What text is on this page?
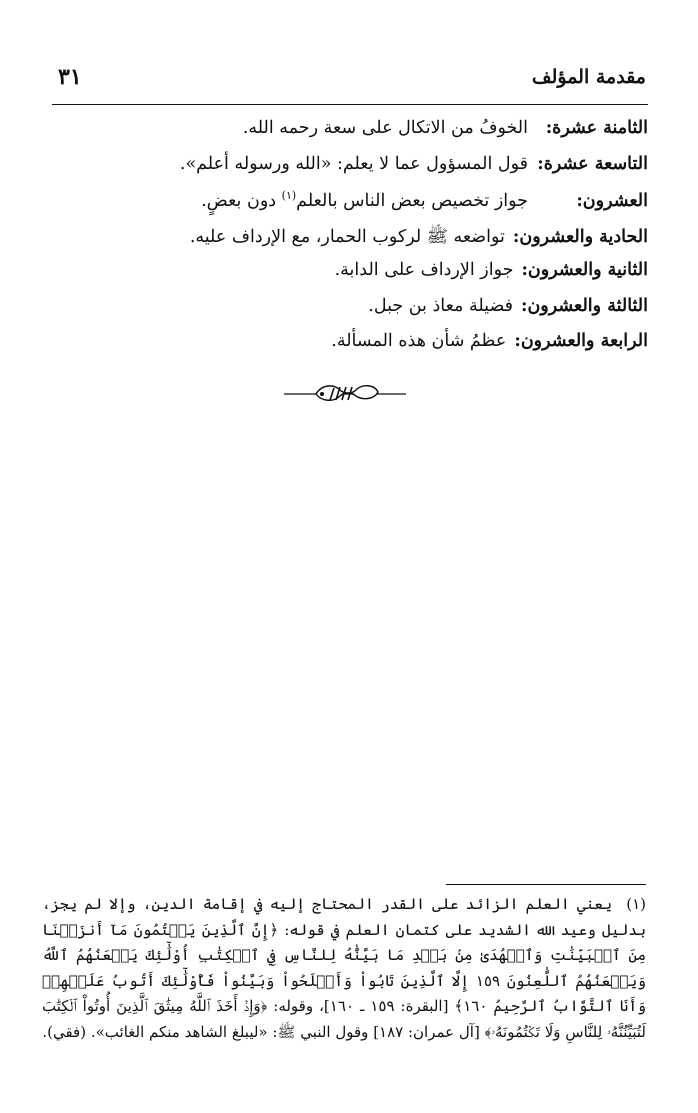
مقدمة المؤلف
٣١
الثامنة عشرة:
الخوفُ من الاتكال على سعة رحمه الله.
التاسعة عشرة:
قول المسؤول عما لا يعلم: «الله ورسوله أعلم».
العشرون:
جواز تخصيص بعض الناس بالعلم$^{(١)}$ دون بعضٍ.
الحادية والعشرون:
تواضعه ﷺ لركوب الحمار، مع الإرداف عليه.
الثانية والعشرون:
جواز الإرداف على الدابة.
الثالثة والعشرون:
فضيلة معاذ بن جبل.
الرابعة والعشرون:
عظمُ شأن هذه المسألة.
(١)يعني العلم الزائد على القدر المحتاج إليه في إقامة الدين، وإلا لم يجز، بدليل وعيد الله الشديد على كتمان العلم في قوله: ﴿إِنَّ ٱلَّذِينَ يَكۡتُمُونَ مَآ أَنزَلۡنَا مِنَ ٱلۡبَيِّنَٰتِ وَٱلۡهُدَىٰ مِنۢ بَعۡدِ مَا بَيَّنَّٰهُ لِلنَّاسِ فِي ٱلۡكِتَٰبِ أُوْلَٰٓئِكَ يَلۡعَنُهُمُ ٱللَّهُ وَيَلۡعَنُهُمُ ٱللَّٰعِنُونَ ١٥٩ إِلَّا ٱلَّذِينَ تَابُواْ وَأَصۡلَحُواْ وَبَيَّنُواْ فَأُوْلَٰٓئِكَ أَتُوبُ عَلَيۡهِمۡ وَأَنَا ٱلتَّوَّابُ ٱلرَّحِيمُ ١٦٠﴾ [البقرة: ١٥٩ ـ ١٦٠]، وقوله: ﴿وَإِذۡ أَخَذَ ٱللَّهُ مِيثَٰقَ ٱلَّذِينَ أُوتُواْ ٱلۡكِتَٰبَ لَتُبَيِّنُنَّهُۥ لِلنَّاسِ وَلَا تَكۡتُمُونَهُۥ﴾ [آل عمران: ١٨٧] وقول النبي ﷺ: «ليبلغ الشاهد منكم الغائب». (فقي).
